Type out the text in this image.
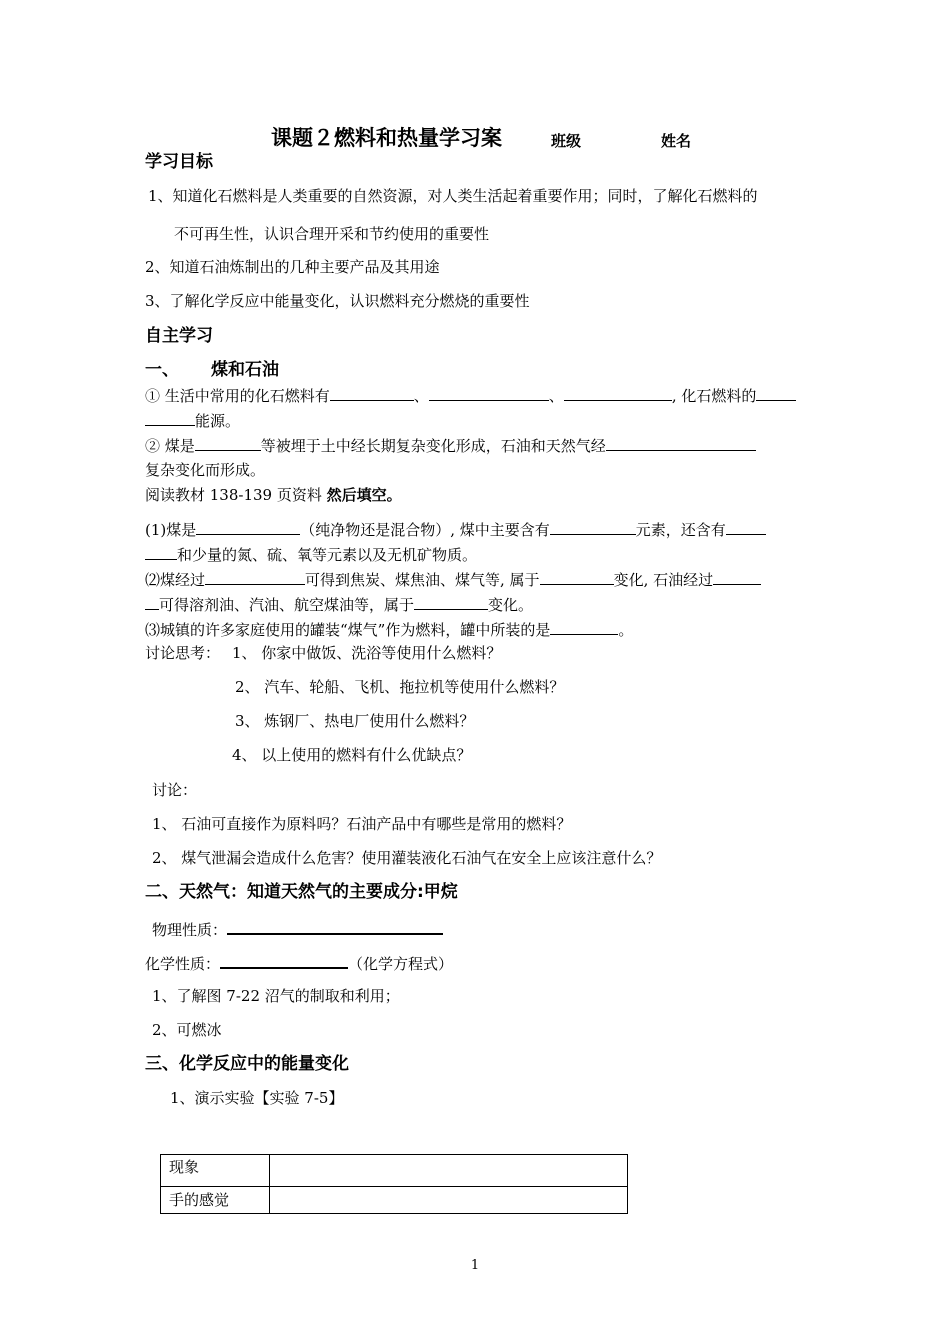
课题２燃料和热量学习案	班级	姓名
学习目标
1、知道化石燃料是人类重要的自然资源，对人类生活起着重要作用；同时，了解化石燃料的
不可再生性，认识合理开采和节约使用的重要性
2、知道石油炼制出的几种主要产品及其用途
3、了解化学反应中能量变化，认识燃料充分燃烧的重要性
自主学习
一、 煤和石油
① 生活中常用的化石燃料有	、	、	, 化石燃料的
能源。
② 煤是	等被埋于土中经长期复杂变化形成，石油和天然气经
复杂变化而形成。
阅读教材 138-139 页资料 然后填空。
(1)煤是	（纯净物还是混合物）, 煤中主要含有	元素，还含有
和少量的氮、硫、氧等元素以及无机矿物质。
⑵煤经过	可得到焦炭、煤焦油、煤气等, 属于	变化, 石油经过
可得溶剂油、汽油、航空煤油等，属于	变化。
⑶城镇的许多家庭使用的罐装“煤气”作为燃料，罐中所装的是	。
讨论思考： 1、 你家中做饭、洗浴等使用什么燃料？
2、 汽车、轮船、飞机、拖拉机等使用什么燃料？
3、 炼钢厂、热电厂使用什么燃料？
4、 以上使用的燃料有什么优缺点？
讨论：
1、 石油可直接作为原料吗？石油产品中有哪些是常用的燃料？
2、 煤气泄漏会造成什么危害？使用灌装液化石油气在安全上应该注意什么？
二、天然气：知道天然气的主要成分:甲烷
物理性质：
化学性质：	（化学方程式）
1、了解图 7-22 沼气的制取和利用；
2、可燃冰
三、化学反应中的能量变化
1、演示实验【实验 7-5】
现象	
手的感觉	
1
